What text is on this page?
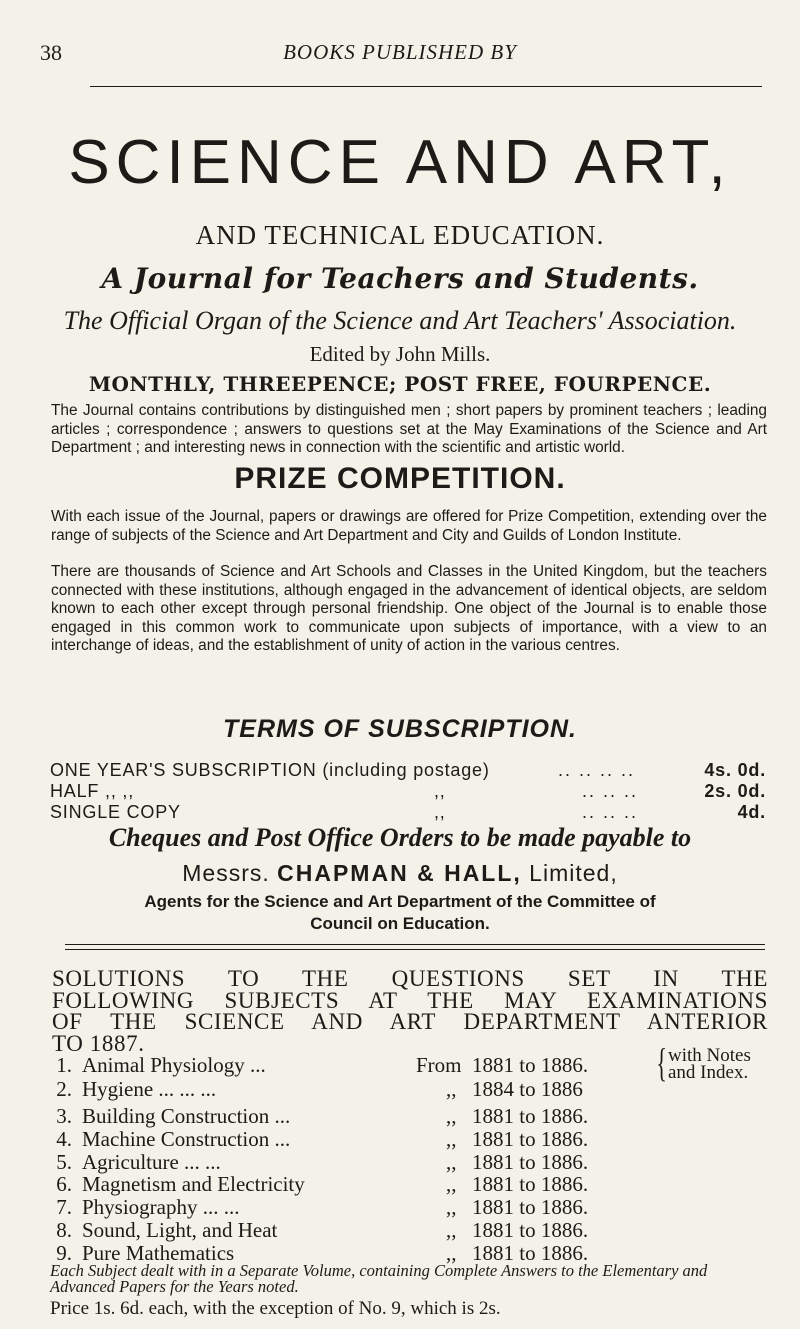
38	BOOKS PUBLISHED BY
SCIENCE AND ART,
AND TECHNICAL EDUCATION.
A Journal for Teachers and Students.
The Official Organ of the Science and Art Teachers' Association.
Edited by John Mills.
MONTHLY, THREEPENCE; POST FREE, FOURPENCE.
The Journal contains contributions by distinguished men ; short papers by prominent teachers ; leading articles ; correspondence ; answers to questions set at the May Examinations of the Science and Art Department ; and interesting news in connection with the scientific and artistic world.
PRIZE COMPETITION.
With each issue of the Journal, papers or drawings are offered for Prize Competition, extending over the range of subjects of the Science and Art Department and City and Guilds of London Institute.
There are thousands of Science and Art Schools and Classes in the United Kingdom, but the teachers connected with these institutions, although engaged in the advancement of identical objects, are seldom known to each other except through personal friendship. One object of the Journal is to enable those engaged in this common work to communicate upon subjects of importance, with a view to an interchange of ideas, and the establishment of unity of action in the various centres.
TERMS OF SUBSCRIPTION.
ONE YEAR'S SUBSCRIPTION (including postage)	.. .. .. ..	4s. 0d.
HALF ,, ,,	,,	.. .. ..	2s. 0d.
SINGLE COPY	,,	.. .. ..	4d.
Cheques and Post Office Orders to be made payable to
Messrs. CHAPMAN & HALL, Limited,
Agents for the Science and Art Department of the Committee of
Council on Education.
SOLUTIONS TO THE QUESTIONS SET IN THE
FOLLOWING SUBJECTS AT THE MAY EXAMINATIONS
OF THE SCIENCE AND ART DEPARTMENT ANTERIOR
TO 1887.
1. Animal Physiology ...	From 1881 to 1886.
2. Hygiene ... ... ...	,, 1884 to 1886
3. Building Construction ...	,, 1881 to 1886.
4. Machine Construction ...	,, 1881 to 1886.
5. Agriculture ... ...	,, 1881 to 1886.
6. Magnetism and Electricity	,, 1881 to 1886.
7. Physiography ... ...	,, 1881 to 1886.
8. Sound, Light, and Heat	,, 1881 to 1886.
9. Pure Mathematics	,, 1881 to 1886.
{ with Notes
and Index.
Each Subject dealt with in a Separate Volume, containing Complete Answers to the Elementary and Advanced Papers for the Years noted.
Price 1s. 6d. each, with the exception of No. 9, which is 2s.
